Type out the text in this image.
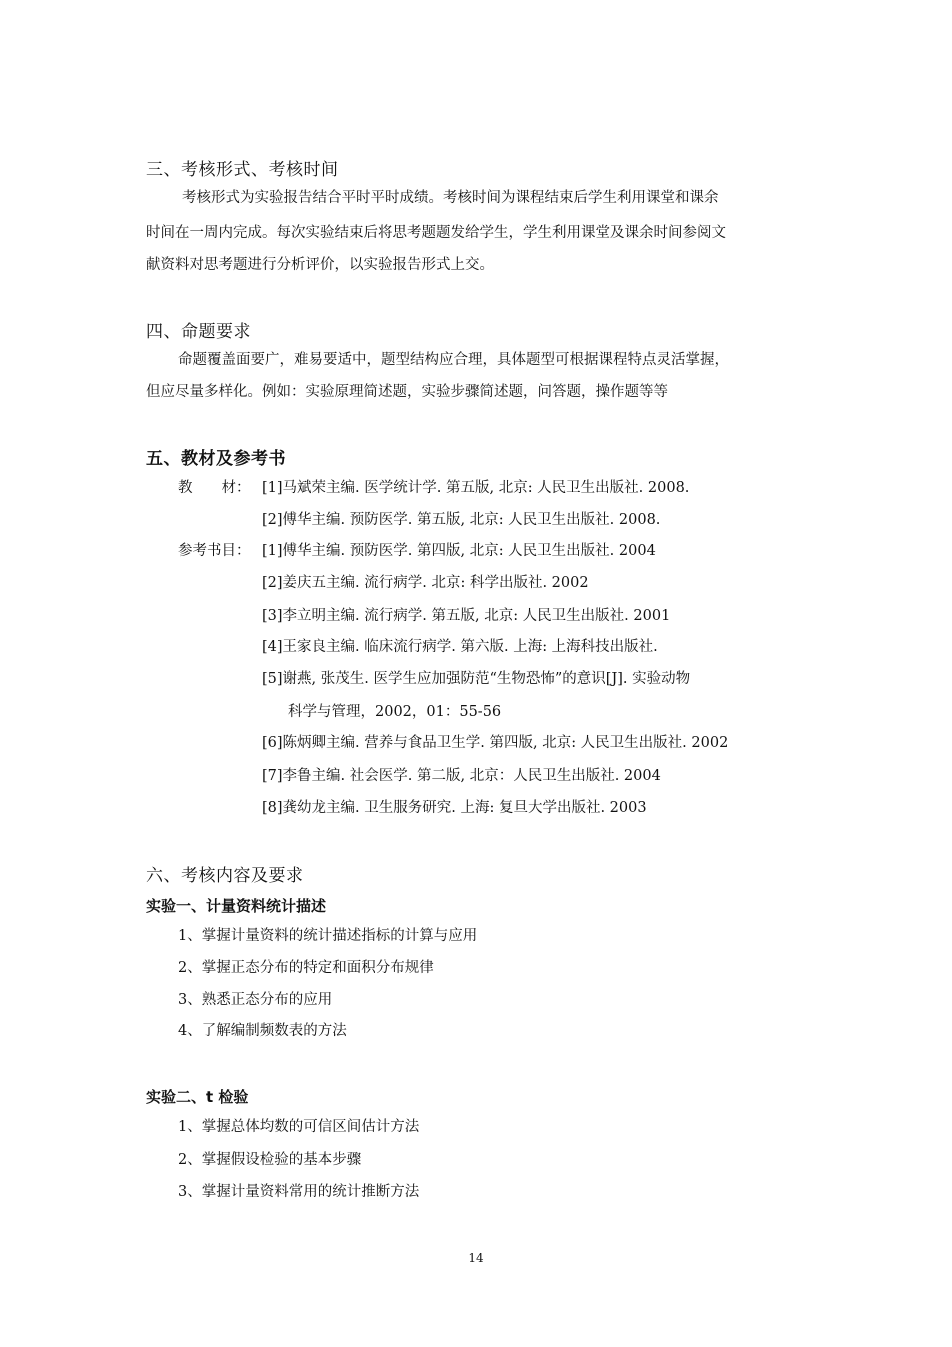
三、考核形式、考核时间
考核形式为实验报告结合平时平时成绩。考核时间为课程结束后学生利用课堂和课余
时间在一周内完成。每次实验结束后将思考题题发给学生，学生利用课堂及课余时间参阅文
献资料对思考题进行分析评价，以实验报告形式上交。
四、命题要求
命题覆盖面要广，难易要适中，题型结构应合理，具体题型可根据课程特点灵活掌握，
但应尽量多样化。例如：实验原理简述题，实验步骤简述题，问答题，操作题等等
五、教材及参考书
教　　材： [1]马斌荣主编. 医学统计学. 第五版, 北京: 人民卫生出版社. 2008.
[2]傅华主编. 预防医学. 第五版, 北京: 人民卫生出版社. 2008.
参考书目： [1]傅华主编. 预防医学. 第四版, 北京: 人民卫生出版社. 2004
[2]姜庆五主编. 流行病学. 北京: 科学出版社. 2002
[3]李立明主编. 流行病学. 第五版, 北京: 人民卫生出版社. 2001
[4]王家良主编. 临床流行病学. 第六版. 上海: 上海科技出版社.
[5]谢燕, 张茂生. 医学生应加强防范“生物恐怖”的意识[J]. 实验动物
科学与管理，2002，01：55-56
[6]陈炳卿主编. 营养与食品卫生学. 第四版, 北京: 人民卫生出版社. 2002
[7]李鲁主编. 社会医学. 第二版, 北京：人民卫生出版社. 2004
[8]龚幼龙主编. 卫生服务研究. 上海: 复旦大学出版社. 2003
六、考核内容及要求
实验一、计量资料统计描述
1、掌握计量资料的统计描述指标的计算与应用
2、掌握正态分布的特定和面积分布规律
3、熟悉正态分布的应用
4、了解编制频数表的方法
实验二、t 检验
1、掌握总体均数的可信区间估计方法
2、掌握假设检验的基本步骤
3、掌握计量资料常用的统计推断方法
14
